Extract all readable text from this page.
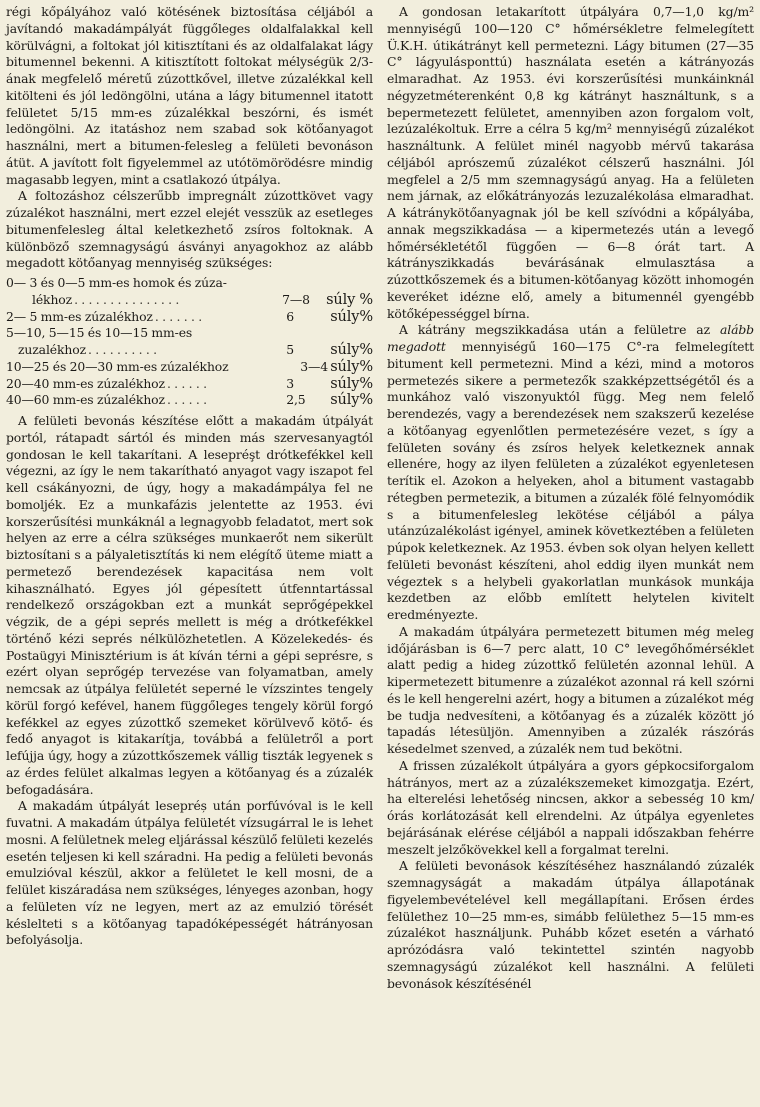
régi kőpályához való kötésének biztosítása céljából a javítandó makadámpályát függőleges oldalfalakkal kell körülvágni, a foltokat jól kitisztítani és az oldalfalakat lágy bitumennel bekenni. A kitisztított foltokat mélységük 2/3-ának megfelelő méretű zúzottkővel, illetve zúzalékkal kell kitölteni és jól ledöngölni, utána a lágy bitumennel itatott felületet 5/15 mm-es zúzalékkal beszórni, és ismét ledöngölni. Az itatáshoz nem szabad sok kötőanyagot használni, mert a bitumen-felesleg a felületi bevonáson átüt. A javított folt figyelemmel az utótömörödésre mindig magasabb legyen, mint a csatlakozó útpálya.

A foltozáshoz célszerűbb impregnált zúzottkövet vagy zúzalékot használni, mert ezzel elejét vesszük az esetleges bitumenfelesleg által keletkezhető zsíros foltoknak. A különböző szemnagyságú ásványi anyagokhoz az alább megadott kötőanyag mennyiség szükséges:

0— 3 és 0—5 mm-es homok és zúza-
lékhoz . . . . . . . . . . . . . . .	7—8	súly %
2— 5 mm-es zúzalékhoz . . . . . . .	6	súly%
5—10, 5—15 és 10—15 mm-es
zuzalékhoz . . . . . . . . . .	5	súly%
10—25 és 20—30 mm-es zúzalékhoz	3—4 súly%
20—40 mm-es zúzalékhoz . . . . . .	3	súly%
40—60 mm-es zúzalékhoz . . . . . .	2,5	súly%

A felületi bevonás készítése előtt a makadám útpályát portól, rátapadt sártól és minden más szervesanyagtól gondosan le kell takarítani. A lesepréşt drótkefékkel kell végezni, az így le nem takarítható anyagot vagy iszapot fel kell csákányozni, de úgy, hogy a makadámpálya fel ne bomoljék. Ez a munkafázis jelentette az 1953. évi korszerűsítési munkáknál a legnagyobb feladatot, mert sok helyen az erre a célra szükséges munkaerőt nem sikerült biztosítani s a pályaletisztítás ki nem elégítő üteme miatt a permetező berendezések kapacitása nem volt kihasználható. Egyes jól gépesített útfenntartással rendelkező országokban ezt a munkát seprőgépekkel végzik, de a gépi seprés mellett is még a drótkefékkel történő kézi seprés nélkülözhetetlen. A Közelekedés- és Postaügyi Minisztérium is át kíván térni a gépi seprésre, s ezért olyan seprőgép tervezése van folyamatban, amely nemcsak az útpálya felületét seperné le vízszintes tengely körül forgó kefével, hanem függőleges tengely körül forgó kefékkel az egyes zúzottkő szemeket körülvevő kötő- és fedő anyagot is kitakarítja, továbbá a felületről a port lefújja úgy, hogy a zúzottkőszemek vállig tiszták legyenek s az érdes felület alkalmas legyen a kötőanyag és a zúzalék befogadására.

A makadám útpályát lesepréș után porfúvóval is le kell fuvatni. A makadám útpálya felületét vízsugárral le is lehet mosni. A felületnek meleg eljárással készülő felületi kezelés esetén teljesen ki kell száradni. Ha pedig a felületi bevonás emulzióval készül, akkor a felületet le kell mosni, de a felület kiszáradása nem szükséges, lényeges azonban, hogy a felületen víz ne legyen, mert az az emulzió törését késlelteti s a kötőanyag tapadóképességét hátrányosan befolyásolja.

A gondosan letakarított útpályára 0,7—1,0 kg/m² mennyiségű 100—120 C° hőmérsékletre felmelegített Ü.K.H. útikátrányt kell permetezni. Lágy bitumen (27—35 C° lágyulásponttú) használata esetén a kátrányozás elmaradhat. Az 1953. évi korszerűsítési munkáinknál négyzetméterenként 0,8 kg kátrányt használtunk, s a bepermetezett felületet, amennyiben azon forgalom volt, lezúzalékoltuk. Erre a célra 5 kg/m² mennyiségű zúzalékot használtunk. A felület minél nagyobb mérvű takarása céljából aprószemű zúzalékot célszerű használni. Jól megfelel a 2/5 mm szemnagyságú anyag. Ha a felületen nem járnak, az előkátrányozás lezuzalékolása elmaradhat. A kátránykötőanyagnak jól be kell szívódni a kőpályába, annak megszikkadása — a kipermetezés után a levegő hőmérsékletétől függően — 6—8 órát tart. A kátrányszikkadás bevárásának elmulasztása a zúzottkőszemek és a bitumen-kötőanyag között inhomogén keveréket idézne elő, amely a bitumennél gyengébb kötőképességgel bírna.

A kátrány megszikkadása után a felületre az alább megadott mennyiségű 160—175 C°-ra felmelegített bitument kell permetezni. Mind a kézi, mind a motoros permetezés sikere a permetezők szakképzettségétől és a munkához való viszonyuktól függ. Meg nem felelő berendezés, vagy a berendezések nem szakszerű kezelése a kötőanyag egyenlőtlen permetezésére vezet, s így a felületen sovány és zsíros helyek keletkeznek annak ellenére, hogy az ilyen felületen a zúzalékot egyenletesen terítik el. Azokon a helyeken, ahol a bitument vastagabb rétegben permetezik, a bitumen a zúzalék fölé felnyomódik s a bitumenfelesleg lekötése céljából a pálya utánzúzalékolást igényel, aminek következtében a felületen púpok keletkeznek. Az 1953. évben sok olyan helyen kellett felületi bevonást készíteni, ahol eddig ilyen munkát nem végeztek s a helybeli gyakorlatlan munkások munkája kezdetben az előbb említett helytelen kivitelt eredményezte.

A makadám útpályára permetezett bitumen még meleg időjárásban is 6—7 perc alatt, 10 C° levegőhőmérséklet alatt pedig a hideg zúzottkő felületén azonnal lehül. A kipermetezett bitumenre a zúzalékot azonnal rá kell szórni és le kell hengerelni azért, hogy a bitumen a zúzalékot még be tudja nedvesíteni, a kötőanyag és a zúzalék között jó tapadás létesüljön. Amennyiben a zúzalék rászórás késedelmet szenved, a zúzalék nem tud bekötni.

A frissen zúzalékolt útpályára a gyors gépkocsiforgalom hátrányos, mert az a zúzalékszemeket kimozgatja. Ezért, ha elterelési lehetőség nincsen, akkor a sebesség 10 km/órás korlátozását kell elrendelni. Az útpálya egyenletes bejárásának elérése céljából a nappali időszakban fehérre meszelt jelzőkövekkel kell a forgalmat terelni.

A felületi bevonások készítéséhez használandó zúzalék szemnagyságát a makadám útpálya állapotának figyelembevételével kell megállapítani. Erősen érdes felülethez 10—25 mm-es, simább felülethez 5—15 mm-es zúzalékot használjunk. Puhább kőzet esetén a várható aprózódásra való tekintettel szintén nagyobb szemnagyságú zúzalékot kell használni. A felületi bevonások készítésénél
